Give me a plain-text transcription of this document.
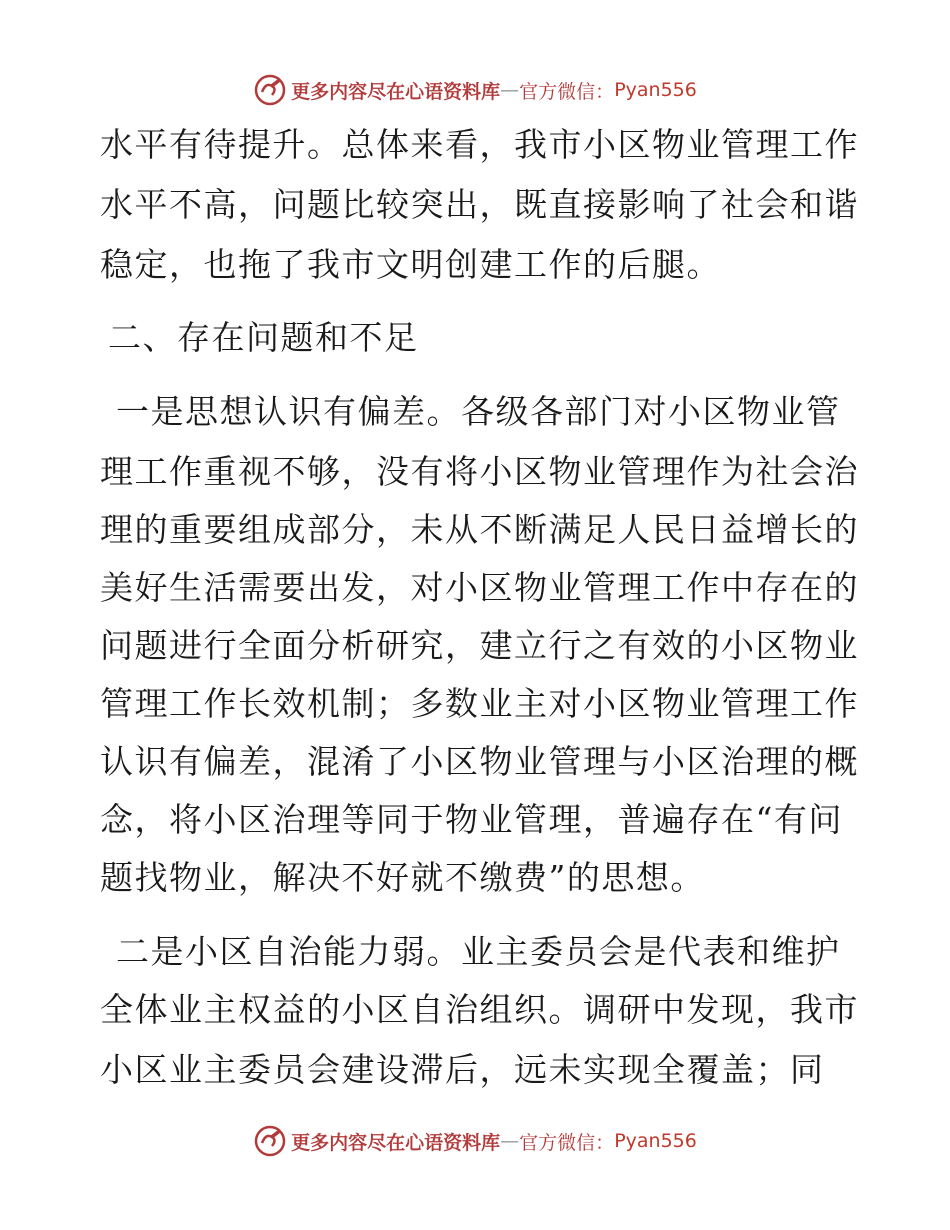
更多内容尽在心语资料库 — 官方微信： Pyan556
水平有待提升。总体来看，我市小区物业管理工作
水平不高，问题比较突出，既直接影响了社会和谐
稳定，也拖了我市文明创建工作的后腿。
二、存在问题和不足
一是思想认识有偏差。各级各部门对小区物业管
理工作重视不够，没有将小区物业管理作为社会治
理的重要组成部分，未从不断满足人民日益增长的
美好生活需要出发，对小区物业管理工作中存在的
问题进行全面分析研究，建立行之有效的小区物业
管理工作长效机制；多数业主对小区物业管理工作
认识有偏差，混淆了小区物业管理与小区治理的概
念，将小区治理等同于物业管理，普遍存在“有问
题找物业，解决不好就不缴费”的思想。
二是小区自治能力弱。业主委员会是代表和维护
全体业主权益的小区自治组织。调研中发现，我市
小区业主委员会建设滞后，远未实现全覆盖；同
更多内容尽在心语资料库 — 官方微信： Pyan556
